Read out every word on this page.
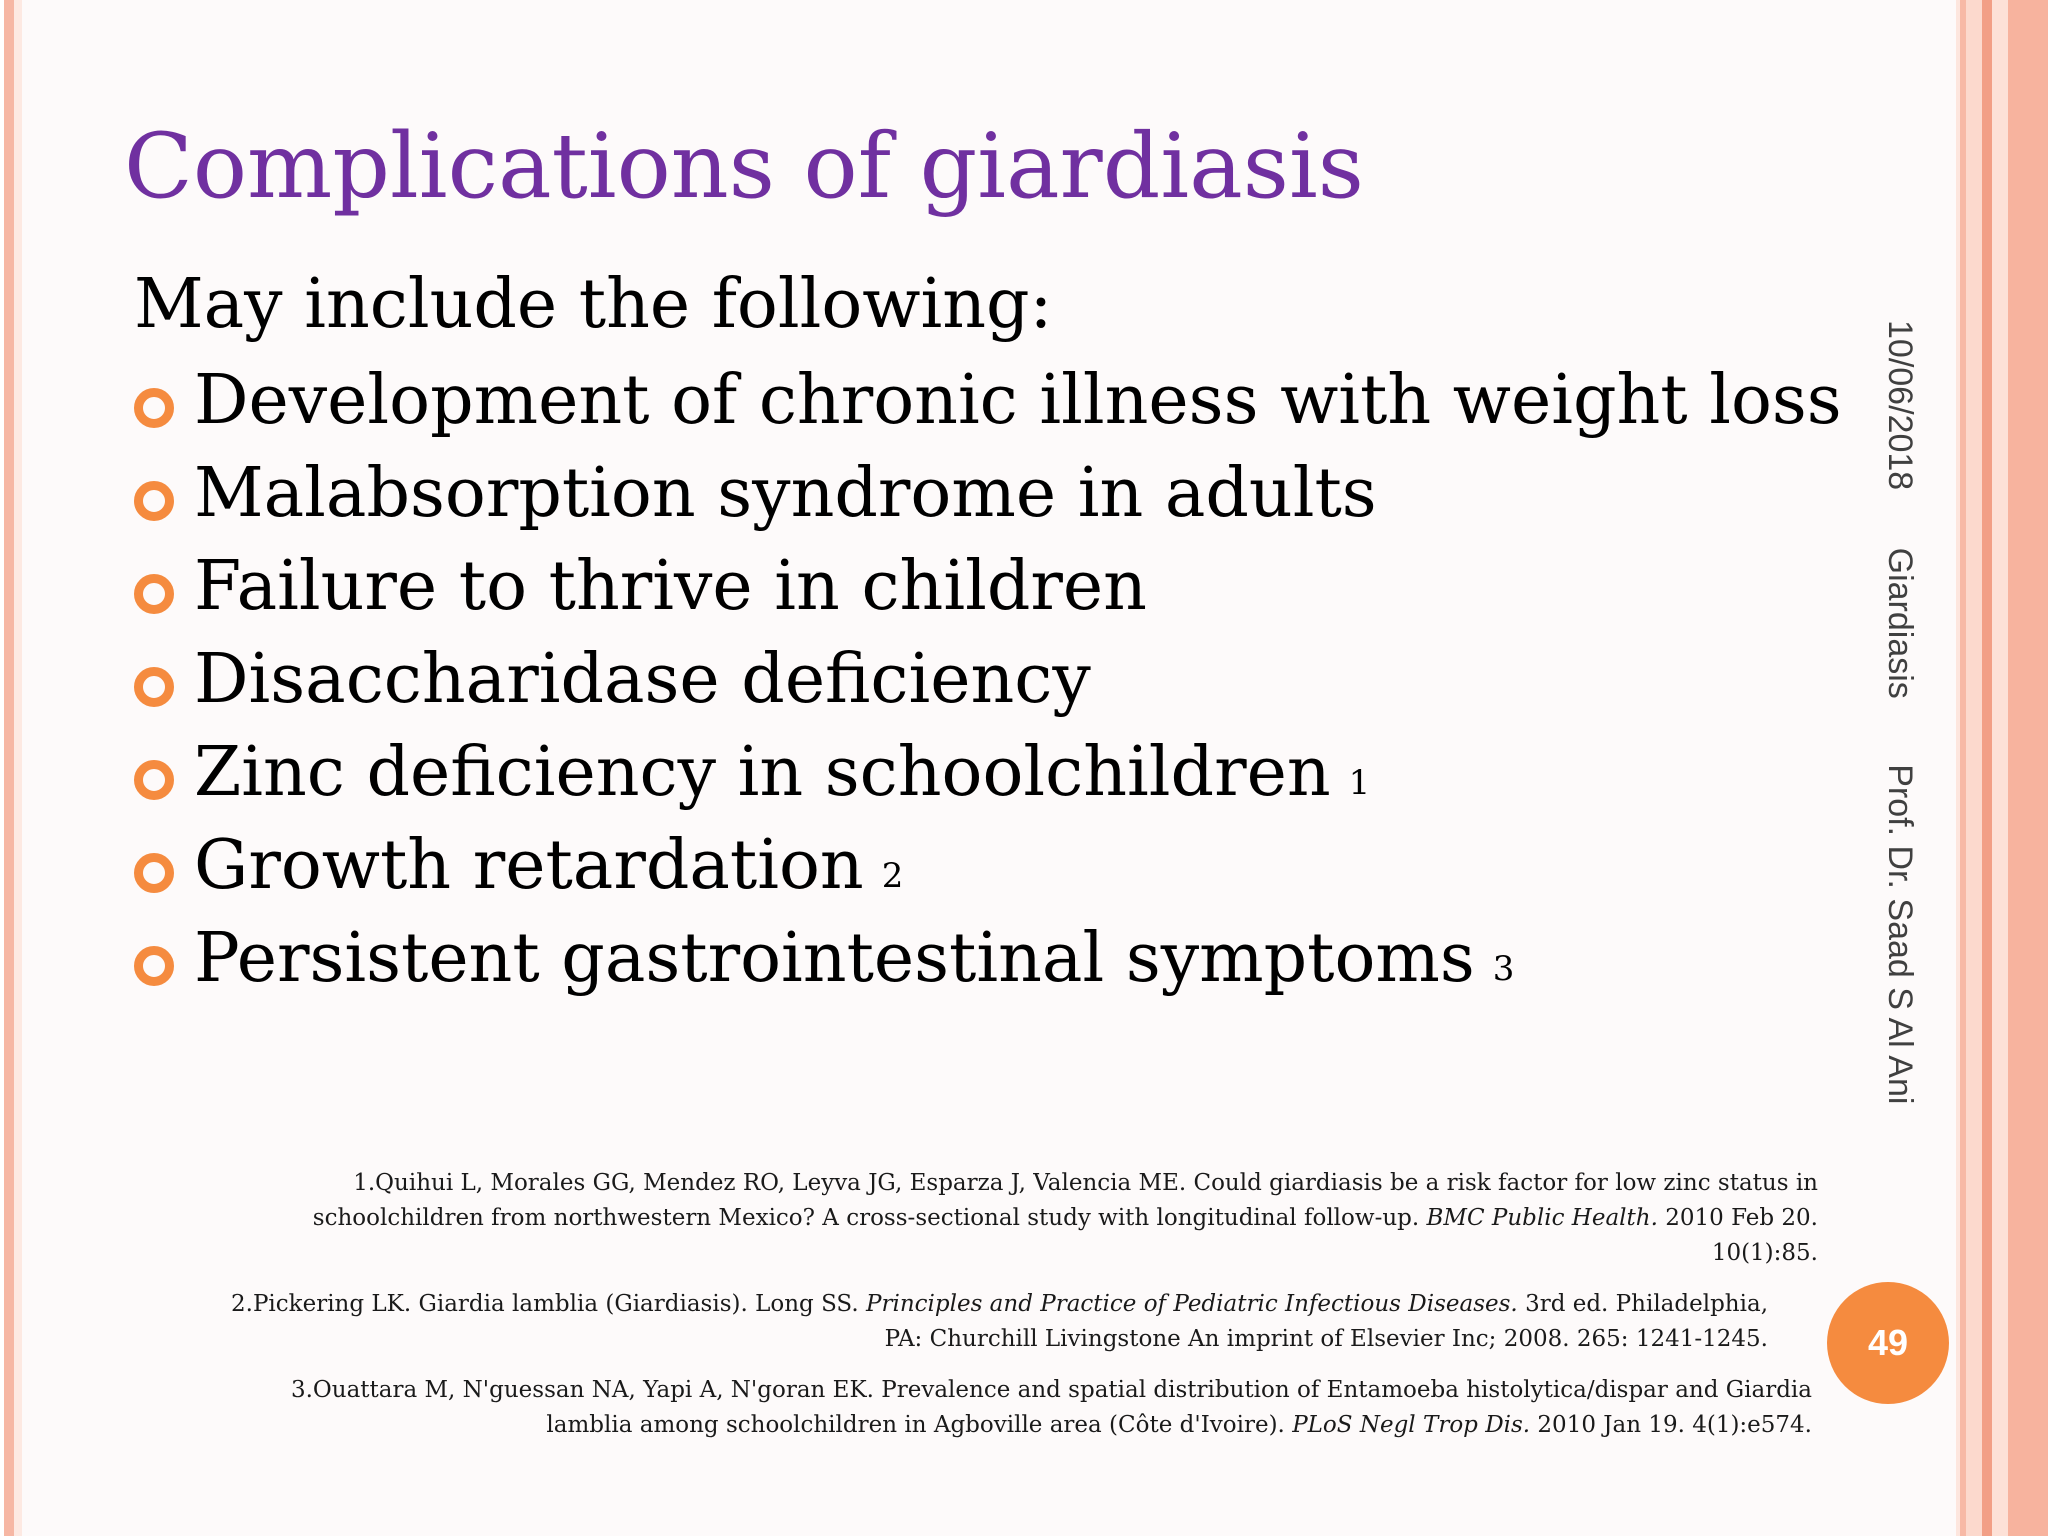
Complications of giardiasis
May include the following:
Development of chronic illness with weight loss
Malabsorption syndrome in adults
Failure to thrive in children
Disaccharidase deficiency
Zinc deficiency in schoolchildren 1
Growth retardation 2
Persistent gastrointestinal symptoms 3
10/06/2018 Giardiasis Prof. Dr. Saad S Al Ani
1.Quihui L, Morales GG, Mendez RO, Leyva JG, Esparza J, Valencia ME. Could giardiasis be a risk factor for low zinc status in schoolchildren from northwestern Mexico? A cross-sectional study with longitudinal follow-up. BMC Public Health. 2010 Feb 20. 10(1):85.
2.Pickering LK. Giardia lamblia (Giardiasis). Long SS. Principles and Practice of Pediatric Infectious Diseases. 3rd ed. Philadelphia, PA: Churchill Livingstone An imprint of Elsevier Inc; 2008. 265: 1241-1245.
3.Ouattara M, N'guessan NA, Yapi A, N'goran EK. Prevalence and spatial distribution of Entamoeba histolytica/dispar and Giardia lamblia among schoolchildren in Agboville area (Côte d'Ivoire). PLoS Negl Trop Dis. 2010 Jan 19. 4(1):e574.
49
